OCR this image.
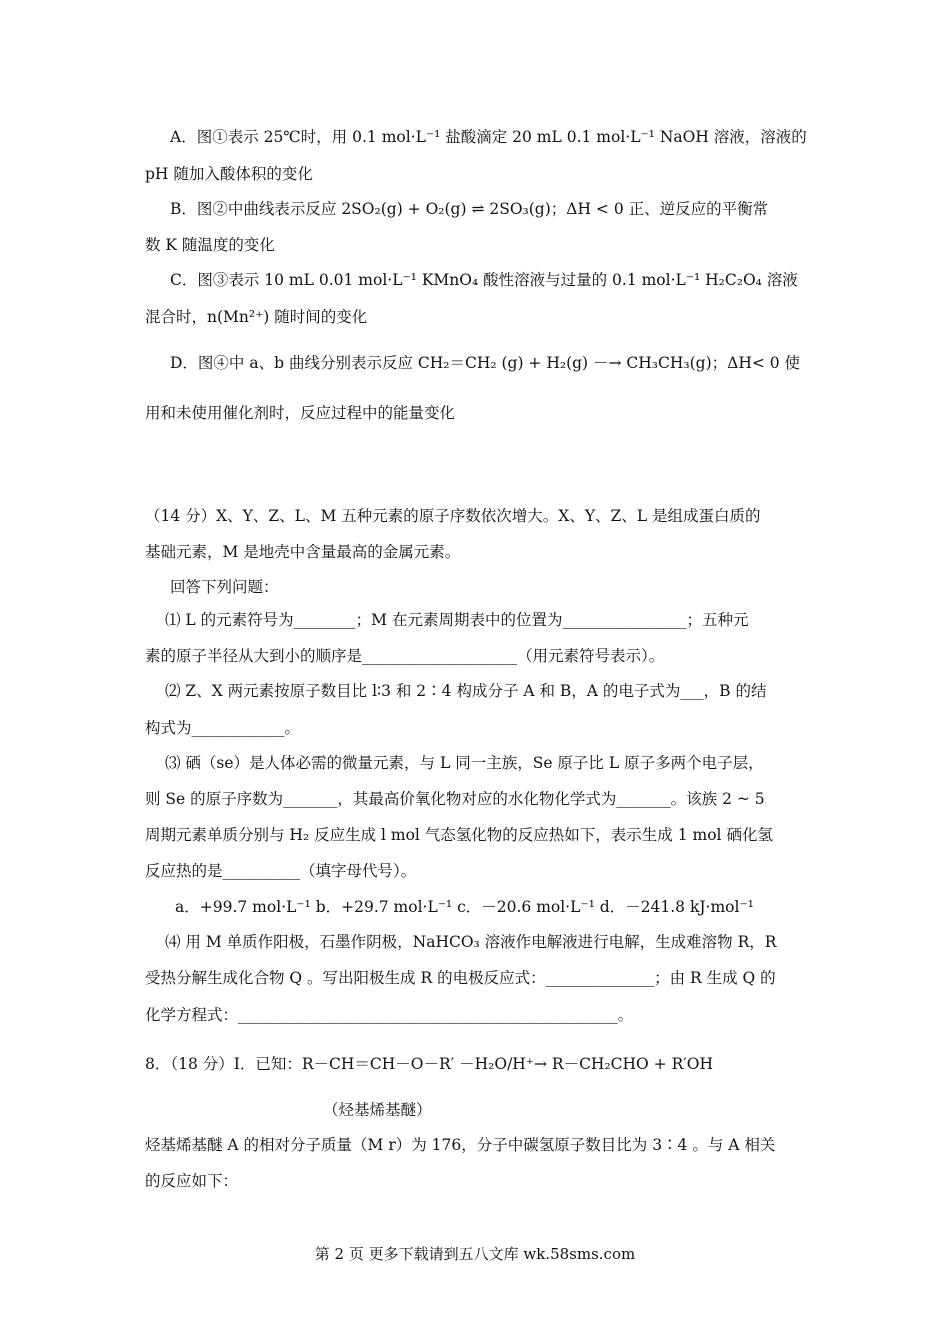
A．图①表示 25℃时，用 0.1 mol·L⁻¹ 盐酸滴定 20 mL 0.1 mol·L⁻¹ NaOH 溶液，溶液的
pH 随加入酸体积的变化
B．图②中曲线表示反应 2SO₂(g) + O₂(g) ⇌ 2SO₃(g)；ΔH < 0 正、逆反应的平衡常
数 K 随温度的变化
C．图③表示 10 mL 0.01 mol·L⁻¹ KMnO₄ 酸性溶液与过量的 0.1 mol·L⁻¹ H₂C₂O₄ 溶液
混合时，n(Mn²⁺) 随时间的变化
D．图④中 a、b 曲线分别表示反应 CH₂＝CH₂ (g) + H₂(g) －→ CH₃CH₃(g)；ΔH< 0 使
用和未使用催化剂时，反应过程中的能量变化
（14 分）X、Y、Z、L、M 五种元素的原子序数依次增大。X、Y、Z、L 是组成蛋白质的
基础元素，M 是地壳中含量最高的金属元素。
回答下列问题：
⑴ L 的元素符号为________；M 在元素周期表中的位置为________________；五种元
素的原子半径从大到小的顺序是____________________（用元素符号表示）。
⑵ Z、X 两元素按原子数目比 l∶3 和 2∶4 构成分子 A 和 B，A 的电子式为___，B 的结
构式为____________。
⑶ 硒（se）是人体必需的微量元素，与 L 同一主族，Se 原子比 L 原子多两个电子层，
则 Se 的原子序数为_______，其最高价氧化物对应的水化物化学式为_______。该族 2 ~ 5
周期元素单质分别与 H₂ 反应生成 l mol 气态氢化物的反应热如下，表示生成 1 mol 硒化氢
反应热的是__________（填字母代号）。
a．+99.7 mol·L⁻¹ b．+29.7 mol·L⁻¹ c．－20.6 mol·L⁻¹ d．－241.8 kJ·mol⁻¹
⑷ 用 M 单质作阳极，石墨作阴极，NaHCO₃ 溶液作电解液进行电解，生成难溶物 R，R
受热分解生成化合物 Q 。写出阳极生成 R 的电极反应式：______________；由 R 生成 Q 的
化学方程式：_________________________________________________。
8．（18 分）Ⅰ．已知：R－CH＝CH－O－R′ －H₂O/H⁺→ R－CH₂CHO + R′OH
（烃基烯基醚）
烃基烯基醚 A 的相对分子质量（M r）为 176，分子中碳氢原子数目比为 3∶4 。与 A 相关
的反应如下：
第 2 页 更多下载请到五八文库 wk.58sms.com
